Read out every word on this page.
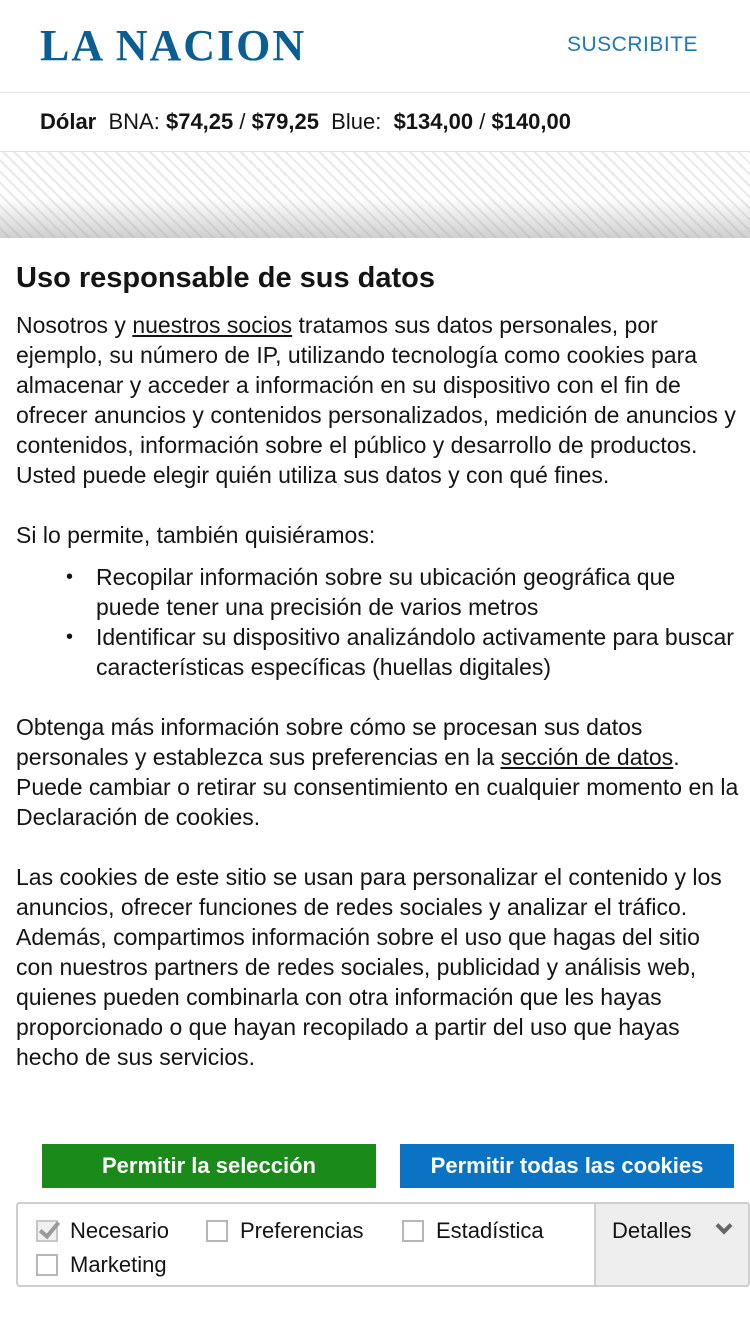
LA NACION	SUSCRIBITE
Dólar BNA: $74,25 / $79,25 Blue: $134,00 / $140,00
Uso responsable de sus datos

Nosotros y nuestros socios tratamos sus datos personales, por ejemplo, su número de IP, utilizando tecnología como cookies para almacenar y acceder a información en su dispositivo con el fin de ofrecer anuncios y contenidos personalizados, medición de anuncios y contenidos, información sobre el público y desarrollo de productos. Usted puede elegir quién utiliza sus datos y con qué fines.

Si lo permite, también quisiéramos:

• Recopilar información sobre su ubicación geográfica que puede tener una precisión de varios metros
• Identificar su dispositivo analizándolo activamente para buscar características específicas (huellas digitales)

Obtenga más información sobre cómo se procesan sus datos personales y establezca sus preferencias en la sección de datos. Puede cambiar o retirar su consentimiento en cualquier momento en la Declaración de cookies.

Las cookies de este sitio se usan para personalizar el contenido y los anuncios, ofrecer funciones de redes sociales y analizar el tráfico. Además, compartimos información sobre el uso que hagas del sitio con nuestros partners de redes sociales, publicidad y análisis web, quienes pueden combinarla con otra información que les hayas proporcionado o que hayan recopilado a partir del uso que hayas hecho de sus servicios.

Permitir la selección	Permitir todas las cookies
Necesario	Preferencias	Estadística
Marketing
Detalles
